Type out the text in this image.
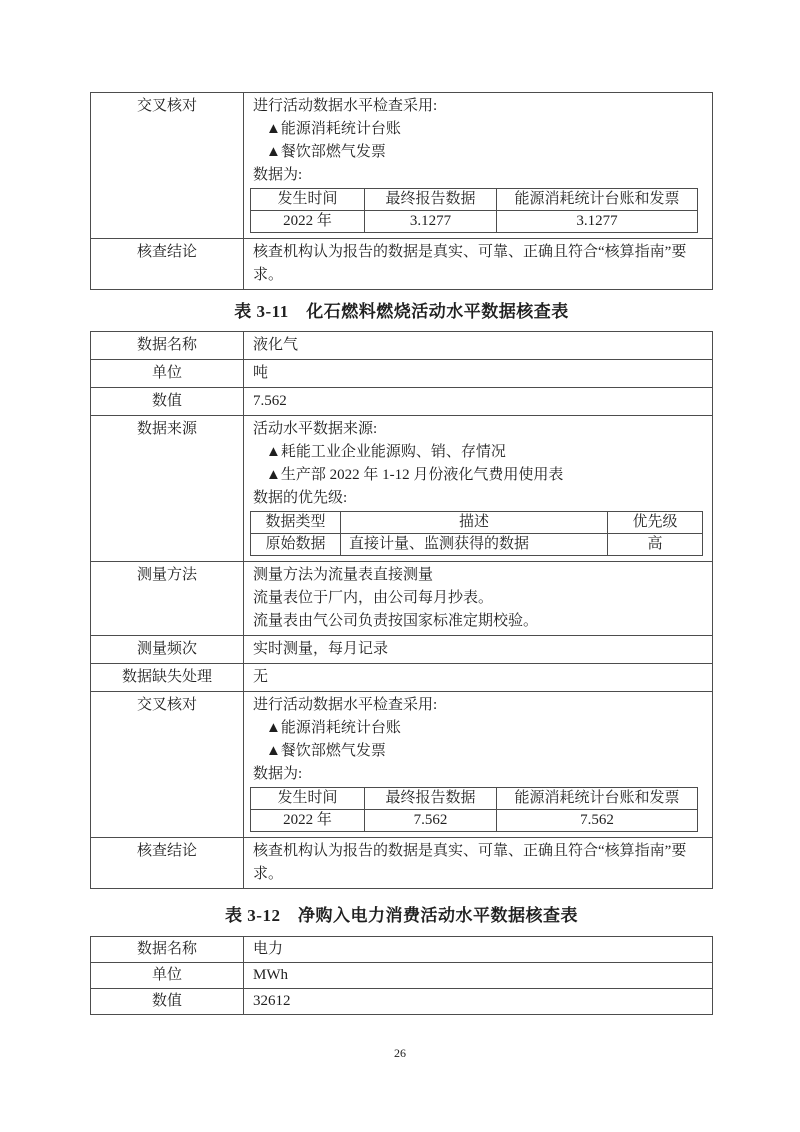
交叉核对	进行活动数据水平检查采用:
▲能源消耗统计台账
▲餐饮部燃气发票
数据为:
发生时间	最终报告数据	能源消耗统计台账和发票
2022 年	3.1277	3.1277

核查结论	核查机构认为报告的数据是真实、可靠、正确且符合“核算指南”要求。
表 3-11　化石燃料燃烧活动水平数据核查表
数据名称	液化气
单位	吨
数值	7.562
数据来源	活动水平数据来源:
▲耗能工业企业能源购、销、存情况
▲生产部 2022 年 1-12 月份液化气费用使用表
数据的优先级:
数据类型	描述	优先级
原始数据	直接计量、监测获得的数据	高

测量方法	测量方法为流量表直接测量
流量表位于厂内，由公司每月抄表。
流量表由气公司负责按国家标准定期校验。

测量频次	实时测量，每月记录
数据缺失处理	无
交叉核对	进行活动数据水平检查采用:
▲能源消耗统计台账
▲餐饮部燃气发票
数据为:
发生时间	最终报告数据	能源消耗统计台账和发票
2022 年	7.562	7.562

核查结论	核查机构认为报告的数据是真实、可靠、正确且符合“核算指南”要求。
表 3-12　净购入电力消费活动水平数据核查表
数据名称	电力
单位	MWh
数值	32612
26
